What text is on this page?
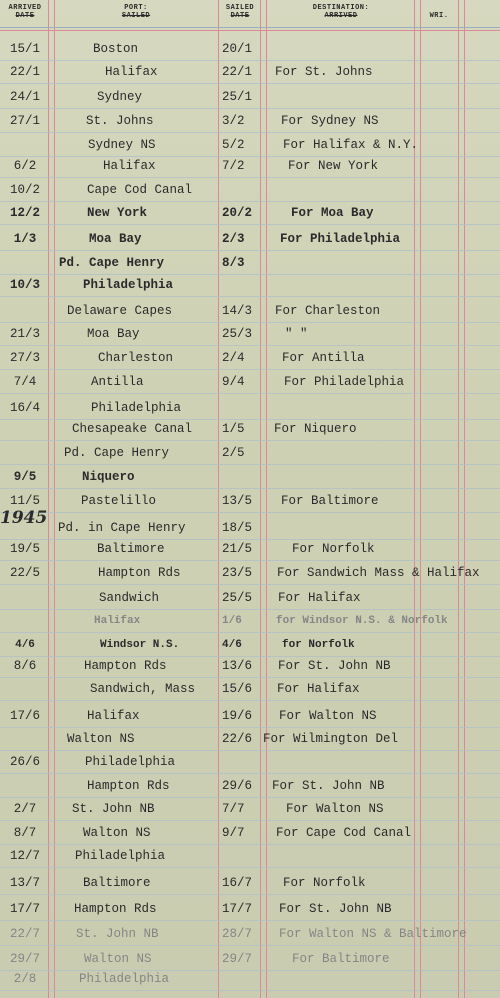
ARRIVED
DATE
PORT:
SAILED
SAILED
DATE
DESTINATION:
ARRIVED	WRI.
15/1	Boston	20/1
22/1	Halifax	22/1 For St. Johns
24/1	Sydney	25/1
27/1	St. Johns	3/2	For Sydney NS
Sydney NS	5/2	For Halifax & N.Y.
6/2	Halifax	7/2	For New York
10/2	Cape Cod Canal
12/2	New York	20/2	For Moa Bay
1/3	Moa Bay	2/3	For Philadelphia
Pd. Cape Henry	8/3
10/3	Philadelphia
Delaware Capes	14/3 For Charleston
21/3	Moa Bay	25/3	" "
27/3	Charleston	2/4	For Antilla
7/4	Antilla	9/4	For Philadelphia
16/4	Philadelphia
Chesapeake Canal 1/5 For Niquero
Pd. Cape Henry	2/5
9/5	Niquero
11/5	Pastelillo	13/5 For Baltimore
Pd. in Cape Henry	18/5
19/5	Baltimore	21/5	For Norfolk
22/5	Hampton Rds	23/5 For Sandwich Mass & Halifax
Sandwich	25/5 For Halifax
Halifax	1/6	for Windsor N.S. & Norfolk
4/6	Windsor N.S.	4/6	for Norfolk
8/6	Hampton Rds	13/6 For St. John NB
Sandwich, Mass 15/6 For Halifax
17/6	Halifax	19/6 For Walton NS
Walton NS	22/6 For Wilmington Del
26/6	Philadelphia
Hampton Rds	29/6 For St. John NB
2/7	St. John NB	7/7	For Walton NS
8/7	Walton NS	9/7	For Cape Cod Canal
12/7	Philadelphia
13/7	Baltimore	16/7 For Norfolk
17/7	Hampton Rds	17/7 For St. John NB
22/7	St. John NB	28/7 For Walton NS & Baltimore
29/7	Walton NS	29/7	For Baltimore
2/8	Philadelphia
1945
